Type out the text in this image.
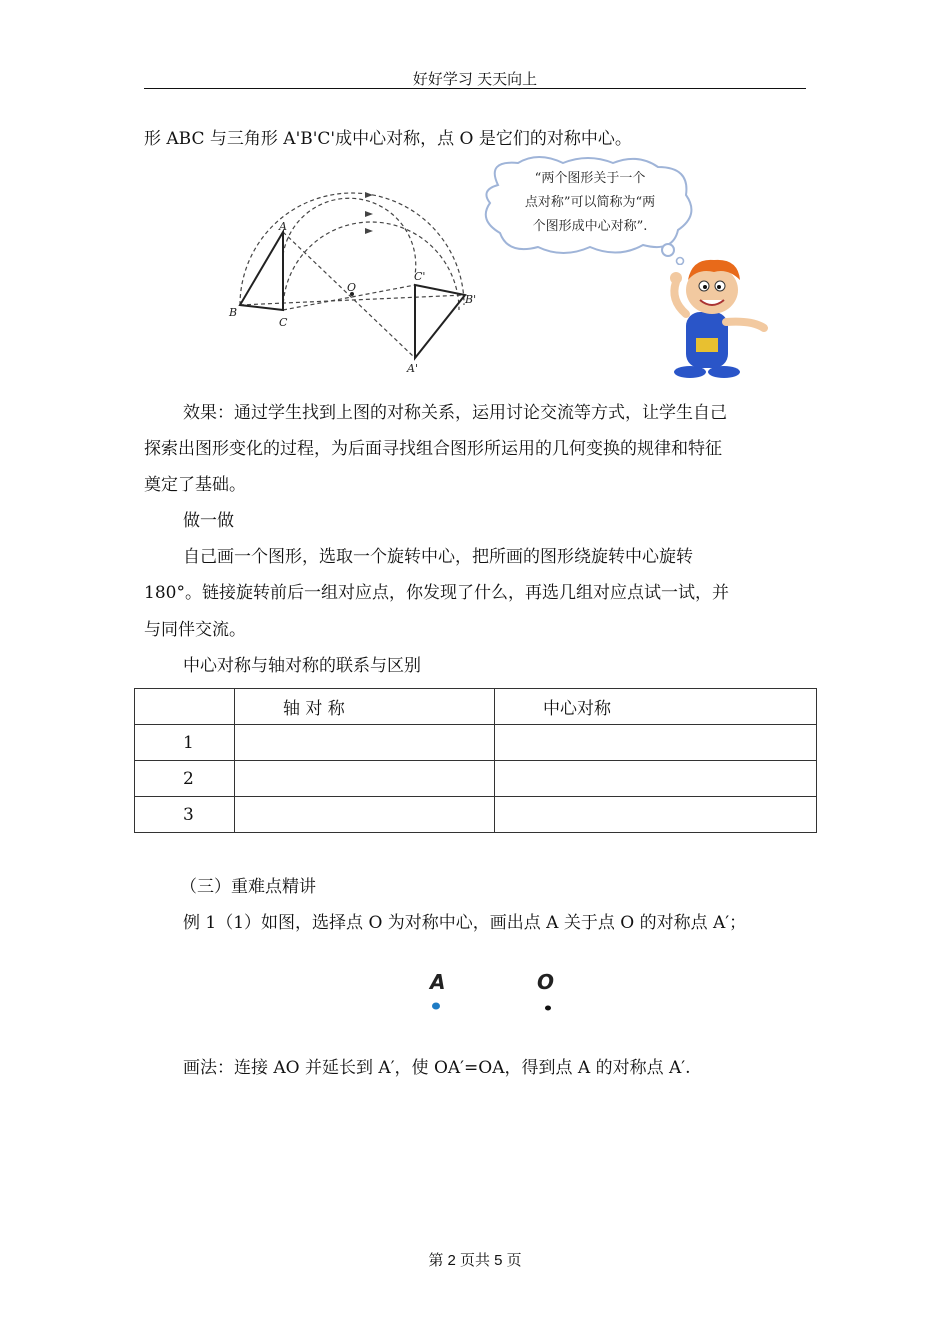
好好学习 天天向上
形 ABC 与三角形 A'B'C'成中心对称，点 O 是它们的对称中心。
A
B
C
O
A'
B'
C'
“两个图形关于一个
点对称”可以简称为“两
个图形成中心对称”.
效果：通过学生找到上图的对称关系，运用讨论交流等方式，让学生自己
探索出图形变化的过程，为后面寻找组合图形所运用的几何变换的规律和特征
奠定了基础。
做一做
自己画一个图形，选取一个旋转中心，把所画的图形绕旋转中心旋转
180°。链接旋转前后一组对应点，你发现了什么，再选几组对应点试一试，并
与同伴交流。
中心对称与轴对称的联系与区别
	轴 对 称	中心对称
1		
2		
3		
（三）重难点精讲
例 1（1）如图，选择点 O 为对称中心，画出点 A 关于点 O 的对称点 A′；
A	O
画法：连接 AO 并延长到 A′，使 OA′=OA，得到点 A 的对称点 A′.
第 2 页共 5 页
